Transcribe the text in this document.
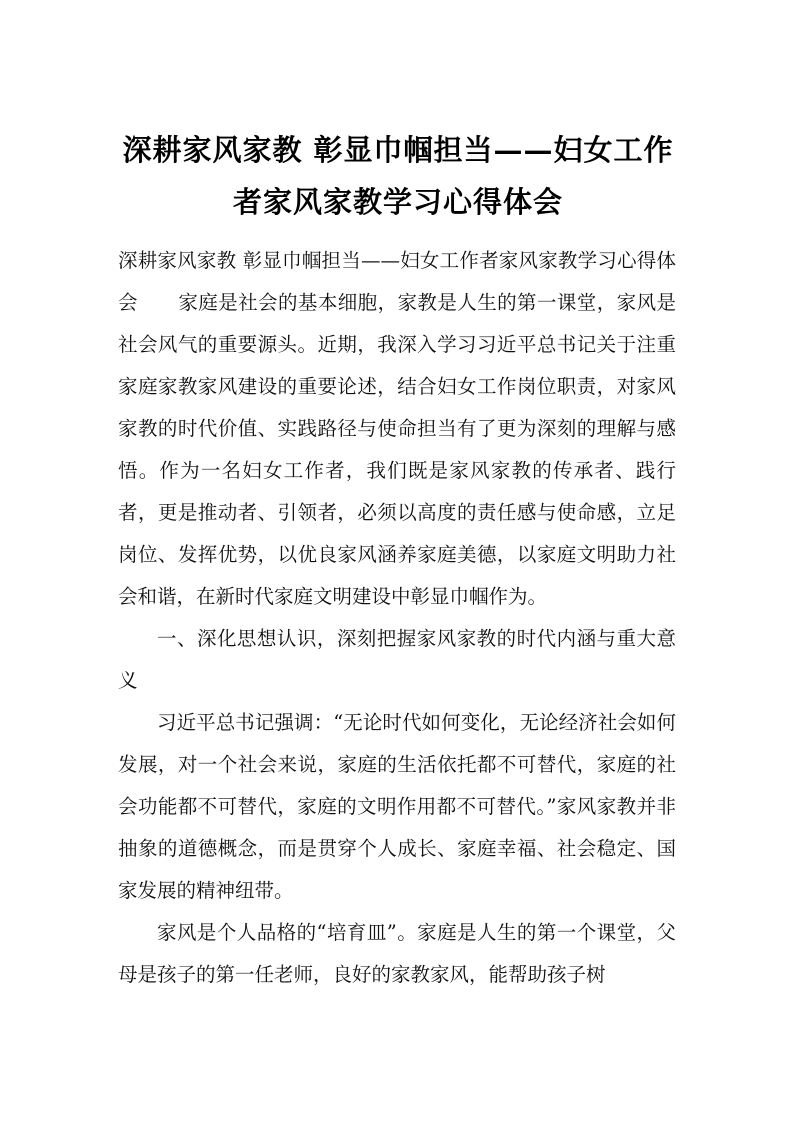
深耕家风家教 彰显巾帼担当——妇女工作者家风家教学习心得体会

深耕家风家教 彰显巾帼担当——妇女工作者家风家教学习心得体会 家庭是社会的基本细胞，家教是人生的第一课堂，家风是社会风气的重要源头。近期，我深入学习习近平总书记关于注重家庭家教家风建设的重要论述，结合妇女工作岗位职责，对家风家教的时代价值、实践路径与使命担当有了更为深刻的理解与感悟。作为一名妇女工作者，我们既是家风家教的传承者、践行者，更是推动者、引领者，必须以高度的责任感与使命感，立足岗位、发挥优势，以优良家风涵养家庭美德，以家庭文明助力社会和谐，在新时代家庭文明建设中彰显巾帼作为。

一、深化思想认识，深刻把握家风家教的时代内涵与重大意义

习近平总书记强调：“无论时代如何变化，无论经济社会如何发展，对一个社会来说，家庭的生活依托都不可替代，家庭的社会功能都不可替代，家庭的文明作用都不可替代。”家风家教并非抽象的道德概念，而是贯穿个人成长、家庭幸福、社会稳定、国家发展的精神纽带。

家风是个人品格的“培育皿”。家庭是人生的第一个课堂，父母是孩子的第一任老师，良好的家教家风，能帮助孩子树
